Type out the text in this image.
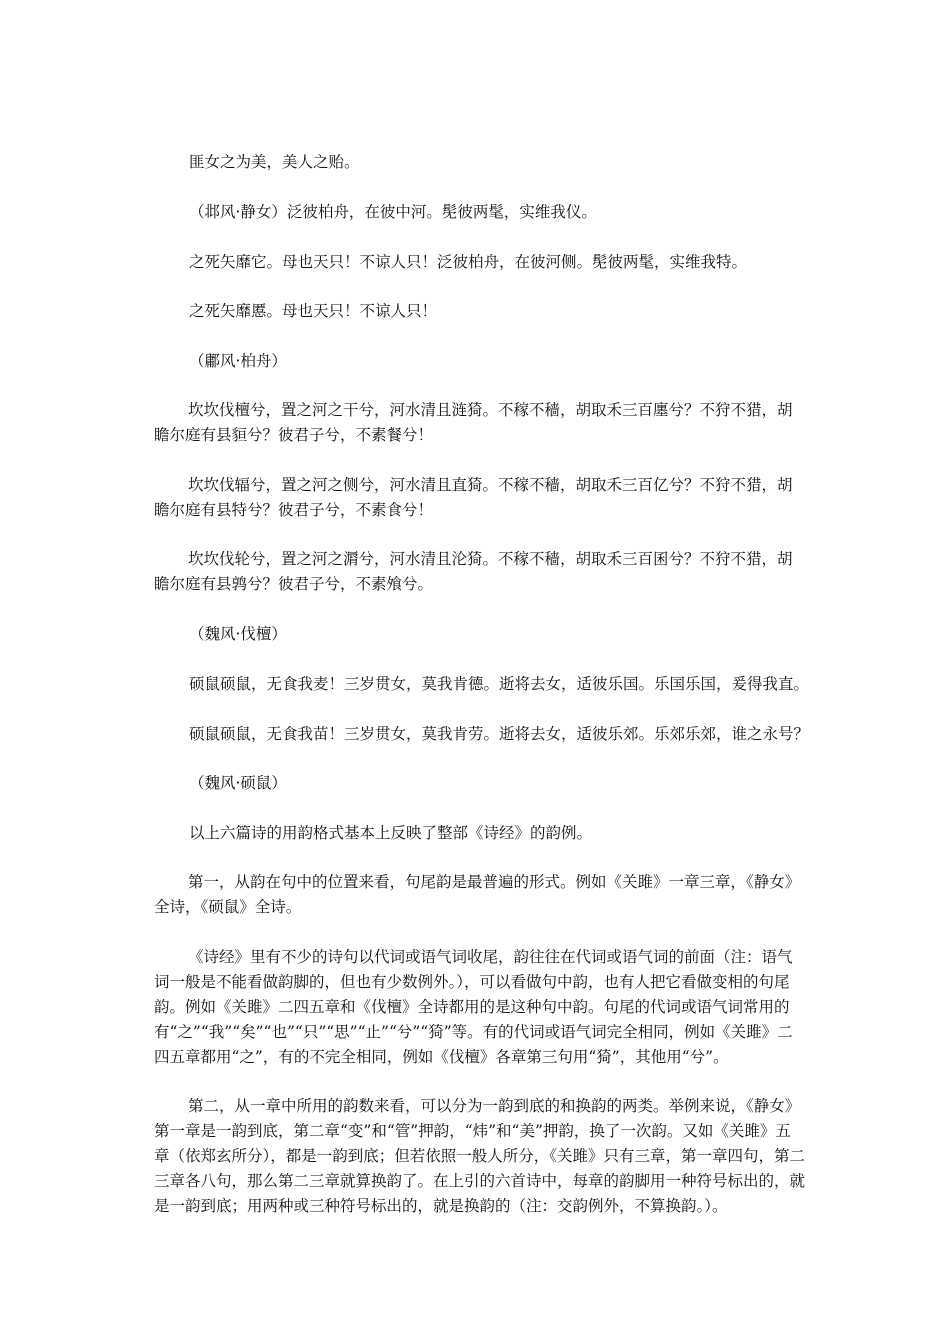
匪女之为美，美人之贻。

（邶风·静女）泛彼柏舟，在彼中河。髧彼两髦，实维我仪。

之死矢靡它。母也天只！不谅人只！泛彼柏舟，在彼河侧。髧彼两髦，实维我特。

之死矢靡慝。母也天只！不谅人只！

（鄘风·柏舟）

坎坎伐檀兮，置之河之干兮，河水清且涟猗。不稼不穑，胡取禾三百廛兮？不狩不猎，胡瞻尔庭有县貆兮？彼君子兮，不素餐兮！

坎坎伐辐兮，置之河之侧兮，河水清且直猗。不稼不穑，胡取禾三百亿兮？不狩不猎，胡瞻尔庭有县特兮？彼君子兮，不素食兮！

坎坎伐轮兮，置之河之漘兮，河水清且沦猗。不稼不穑，胡取禾三百囷兮？不狩不猎，胡瞻尔庭有县鹑兮？彼君子兮，不素飧兮。

（魏风·伐檀）

硕鼠硕鼠，无食我麦！三岁贯女，莫我肯德。逝将去女，适彼乐国。乐国乐国，爰得我直。

硕鼠硕鼠，无食我苗！三岁贯女，莫我肯劳。逝将去女，适彼乐郊。乐郊乐郊，谁之永号？

（魏风·硕鼠）

以上六篇诗的用韵格式基本上反映了整部《诗经》的韵例。

第一，从韵在句中的位置来看，句尾韵是最普遍的形式。例如《关雎》一章三章，《静女》全诗，《硕鼠》全诗。

《诗经》里有不少的诗句以代词或语气词收尾，韵往往在代词或语气词的前面（注：语气词一般是不能看做韵脚的，但也有少数例外。），可以看做句中韵，也有人把它看做变相的句尾韵。例如《关雎》二四五章和《伐檀》全诗都用的是这种句中韵。句尾的代词或语气词常用的有“之”“我”“矣”“也”“只”“思”“止”“兮”“猗”等。有的代词或语气词完全相同，例如《关雎》二四五章都用“之”，有的不完全相同，例如《伐檀》各章第三句用“猗”，其他用“兮”。

第二，从一章中所用的韵数来看，可以分为一韵到底的和换韵的两类。举例来说，《静女》第一章是一韵到底，第二章“变”和“管”押韵，“炜”和“美”押韵，换了一次韵。又如《关雎》五章（依郑玄所分），都是一韵到底；但若依照一般人所分，《关雎》只有三章，第一章四句，第二三章各八句，那么第二三章就算换韵了。在上引的六首诗中，每章的韵脚用一种符号标出的，就是一韵到底；用两种或三种符号标出的，就是换韵的（注：交韵例外，不算换韵。）。
